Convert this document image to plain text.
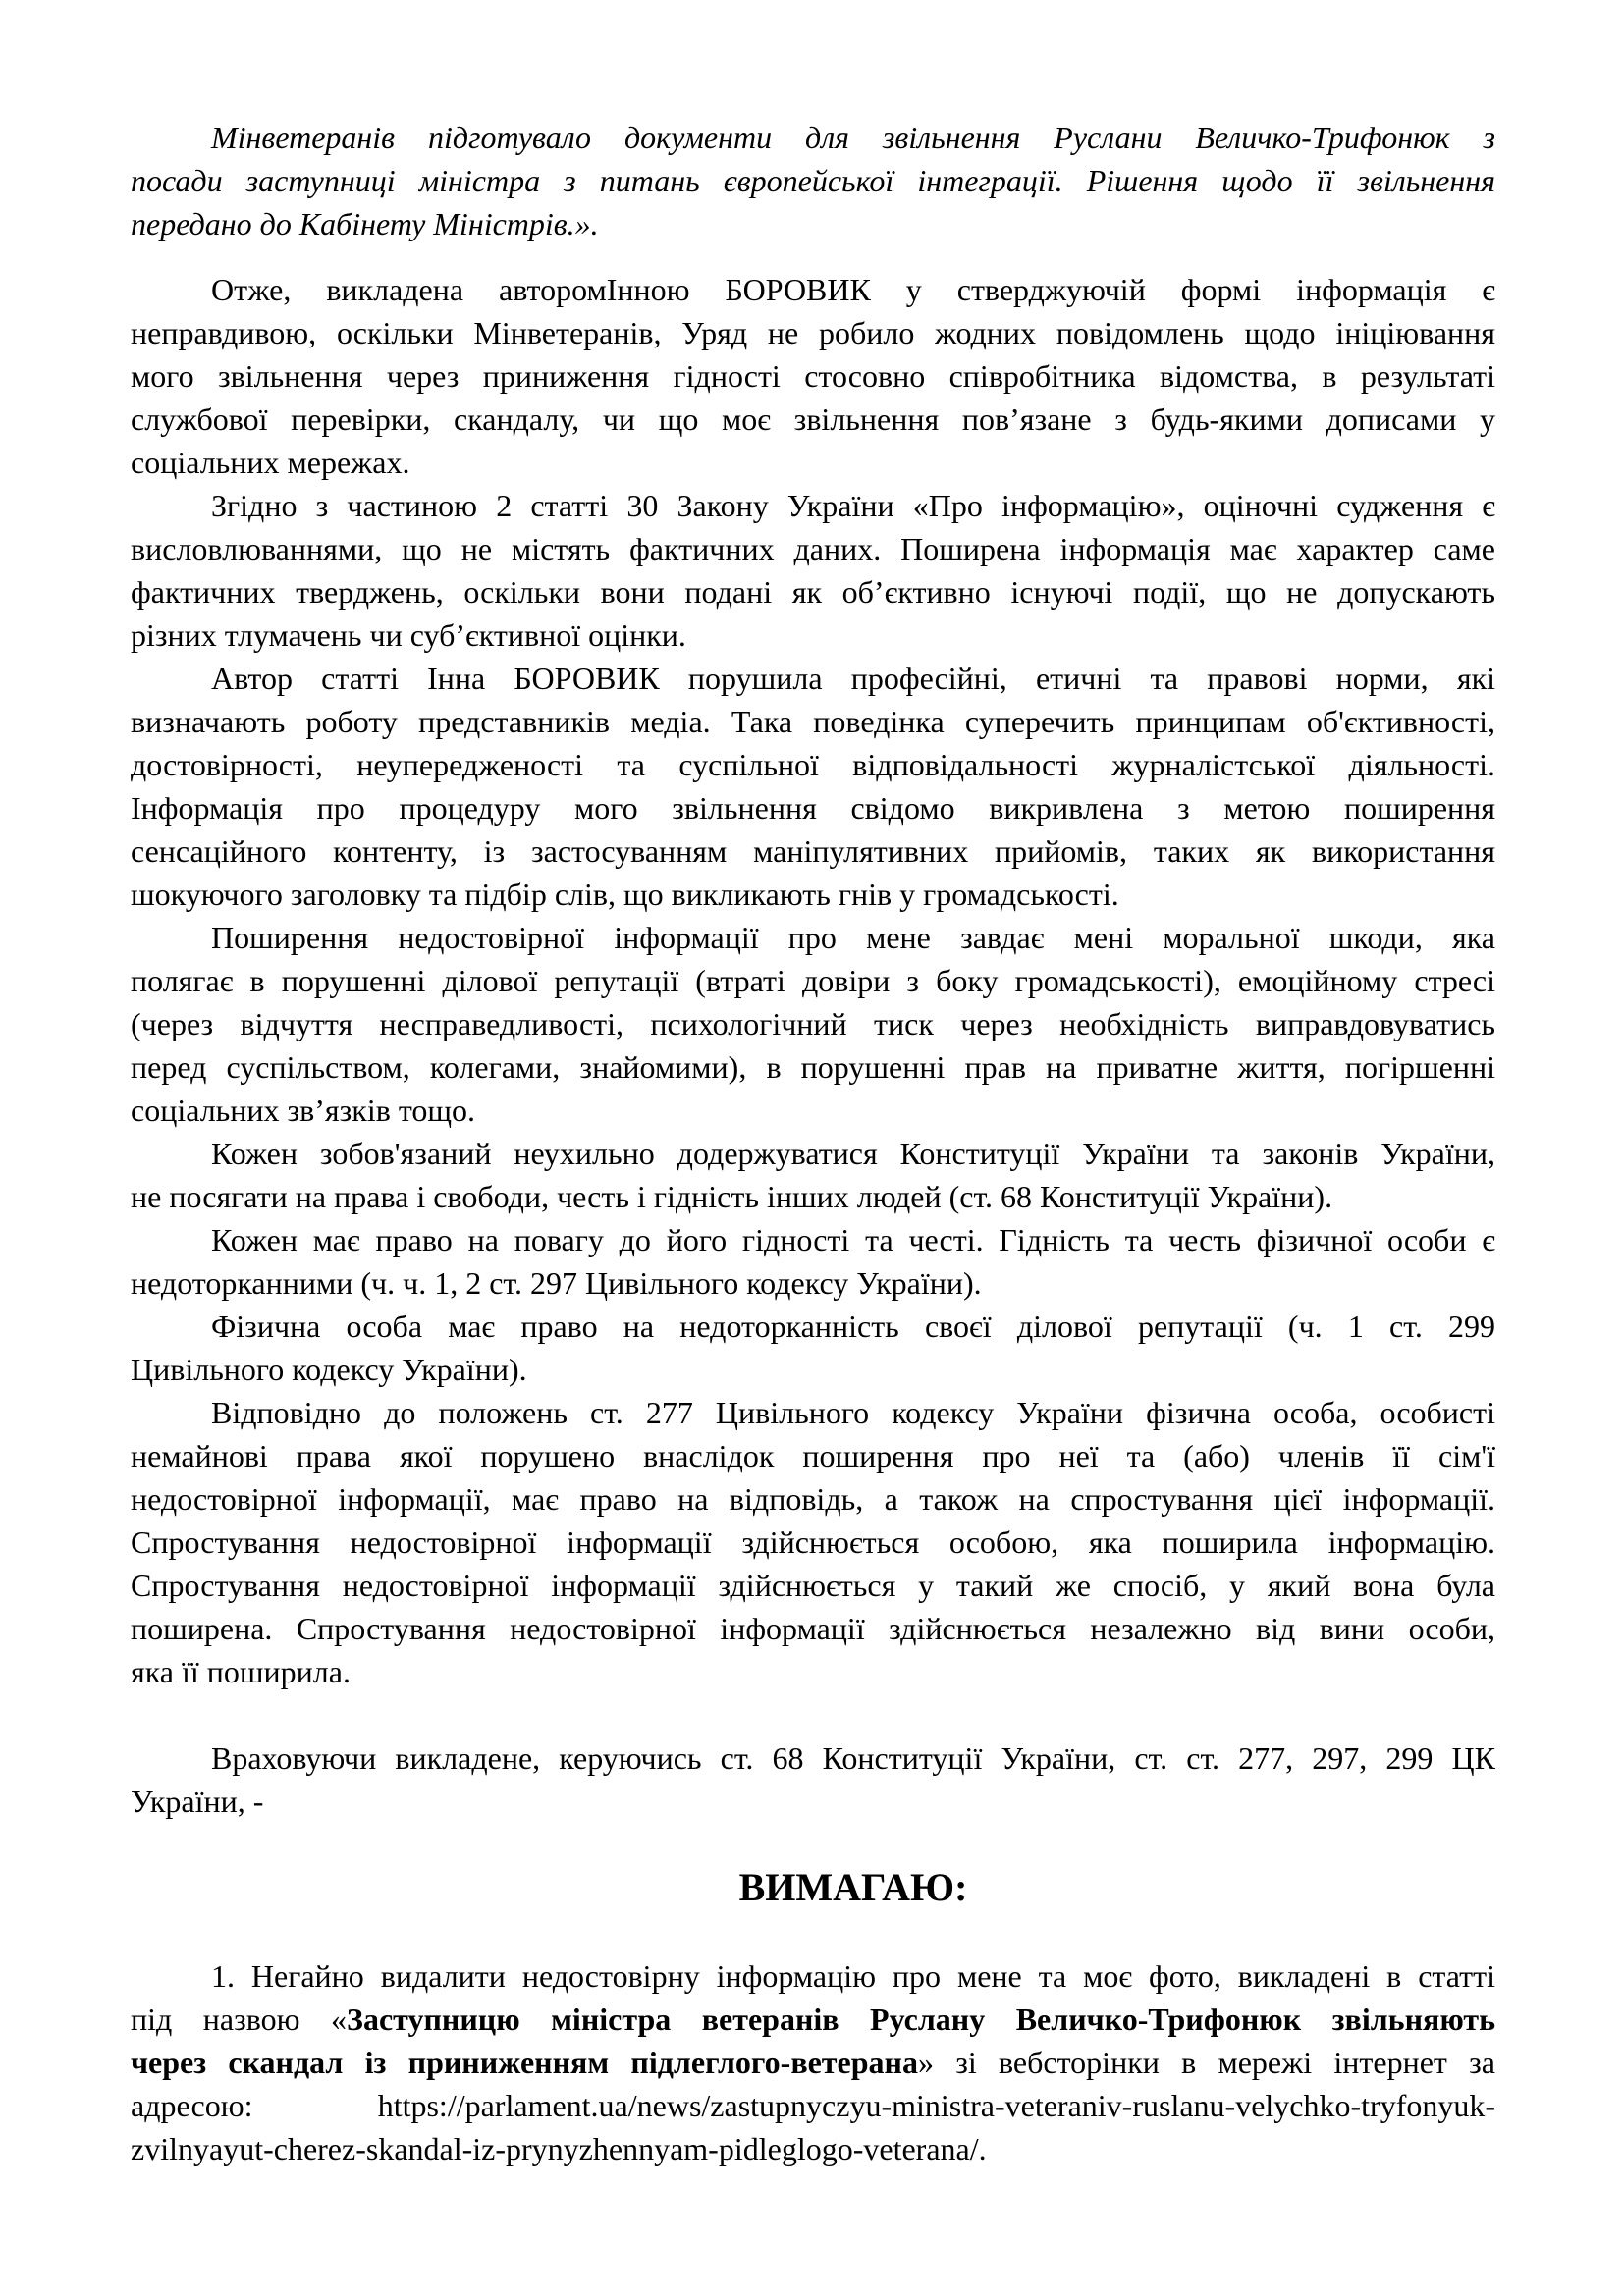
Мінветеранів підготувало документи для звільнення Руслани Величко-Трифонюк з
посади заступниці міністра з питань європейської інтеграції. Рішення щодо її звільнення
передано до Кабінету Міністрів.».
Отже, викладена авторомІнною БОРОВИК у стверджуючій формі інформація є
неправдивою, оскільки Мінветеранів, Уряд не робило жодних повідомлень щодо ініціювання
мого звільнення через приниження гідності стосовно співробітника відомства, в результаті
службової перевірки, скандалу, чи що моє звільнення пов’язане з будь-якими дописами у
соціальних мережах.
Згідно з частиною 2 статті 30 Закону України «Про інформацію», оціночні судження є
висловлюваннями, що не містять фактичних даних. Поширена інформація має характер саме
фактичних тверджень, оскільки вони подані як об’єктивно існуючі події, що не допускають
різних тлумачень чи суб’єктивної оцінки.
Автор статті Інна БОРОВИК порушила професійні, етичні та правові норми, які
визначають роботу представників медіа. Така поведінка суперечить принципам об'єктивності,
достовірності, неупередженості та суспільної відповідальності журналістської діяльності.
Інформація про процедуру мого звільнення свідомо викривлена з метою поширення
сенсаційного контенту, із застосуванням маніпулятивних прийомів, таких як використання
шокуючого заголовку та підбір слів, що викликають гнів у громадськості.
Поширення недостовірної інформації про мене завдає мені моральної шкоди, яка
полягає в порушенні ділової репутації (втраті довіри з боку громадськості), емоційному стресі
(через відчуття несправедливості, психологічний тиск через необхідність виправдовуватись
перед суспільством, колегами, знайомими), в порушенні прав на приватне життя, погіршенні
соціальних зв’язків тощо.
Кожен зобов'язаний неухильно додержуватися Конституції України та законів України,
не посягати на права і свободи, честь і гідність інших людей (ст. 68 Конституції України).
Кожен має право на повагу до його гідності та честі. Гідність та честь фізичної особи є
недоторканними (ч. ч. 1, 2 ст. 297 Цивільного кодексу України).
Фізична особа має право на недоторканність своєї ділової репутації (ч. 1 ст. 299
Цивільного кодексу України).
Відповідно до положень ст. 277 Цивільного кодексу України фізична особа, особисті
немайнові права якої порушено внаслідок поширення про неї та (або) членів її сім'ї
недостовірної інформації, має право на відповідь, а також на спростування цієї інформації.
Спростування недостовірної інформації здійснюється особою, яка поширила інформацію.
Спростування недостовірної інформації здійснюється у такий же спосіб, у який вона була
поширена. Спростування недостовірної інформації здійснюється незалежно від вини особи,
яка її поширила.
Враховуючи викладене, керуючись ст. 68 Конституції України, ст. ст. 277, 297, 299 ЦК
України, -
ВИМАГАЮ:
1. Негайно видалити недостовірну інформацію про мене та моє фото, викладені в статті
під назвою «Заступницю міністра ветеранів Руслану Величко-Трифонюк звільняють
через скандал із приниженням підлеглого-ветерана» зі вебсторінки в мережі інтернет за
адресою: https://parlament.ua/news/zastupnyczyu-ministra-veteraniv-ruslanu-velychko-tryfonyuk-
zvilnyayut-cherez-skandal-iz-prynyzhennyam-pidleglogo-veterana/.
